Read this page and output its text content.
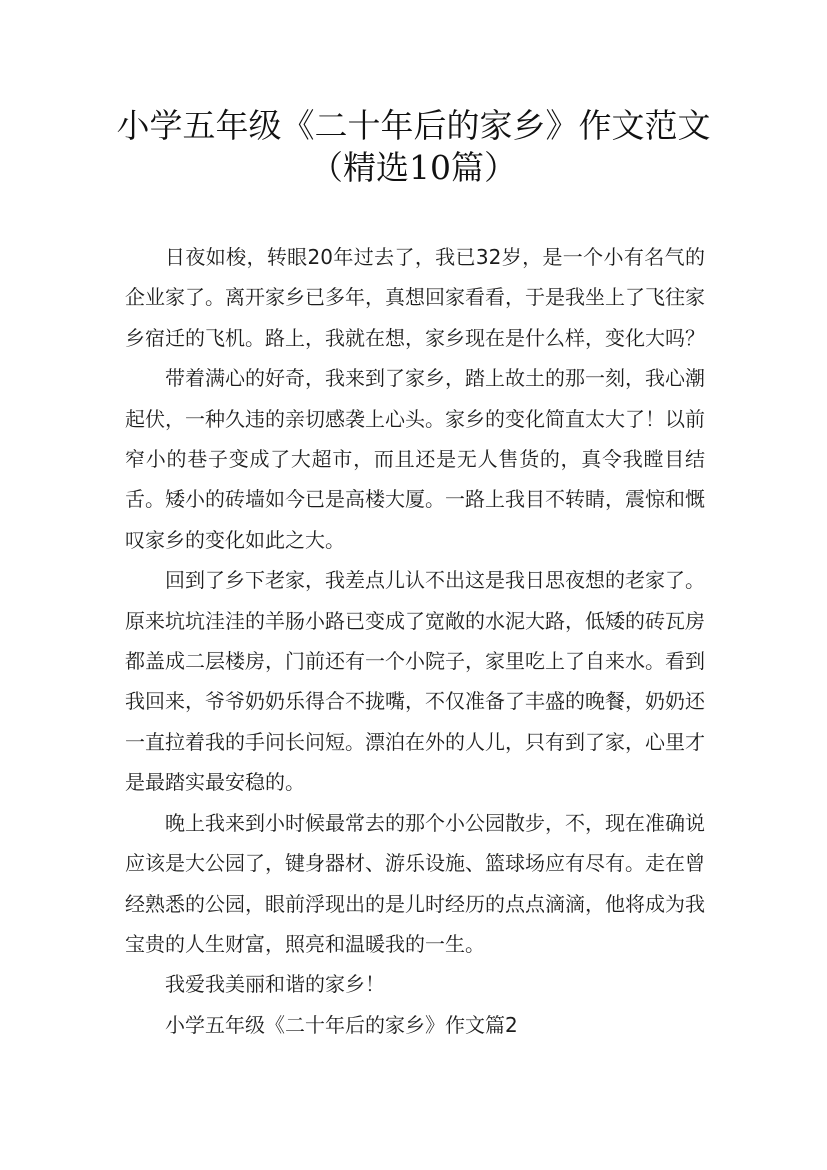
小学五年级《二十年后的家乡》作文范文
（精选10篇）

日夜如梭，转眼20年过去了，我已32岁，是一个小有名气的企业家了。离开家乡已多年，真想回家看看，于是我坐上了飞往家乡宿迁的飞机。路上，我就在想，家乡现在是什么样，变化大吗？

带着满心的好奇，我来到了家乡，踏上故土的那一刻，我心潮起伏，一种久违的亲切感袭上心头。家乡的变化简直太大了！以前窄小的巷子变成了大超市，而且还是无人售货的，真令我瞠目结舌。矮小的砖墙如今已是高楼大厦。一路上我目不转睛，震惊和慨叹家乡的变化如此之大。

回到了乡下老家，我差点儿认不出这是我日思夜想的老家了。原来坑坑洼洼的羊肠小路已变成了宽敞的水泥大路，低矮的砖瓦房都盖成二层楼房，门前还有一个小院子，家里吃上了自来水。看到我回来，爷爷奶奶乐得合不拢嘴，不仅准备了丰盛的晚餐，奶奶还一直拉着我的手问长问短。漂泊在外的人儿，只有到了家，心里才是最踏实最安稳的。

晚上我来到小时候最常去的那个小公园散步，不，现在准确说应该是大公园了，键身器材、游乐设施、篮球场应有尽有。走在曾经熟悉的公园，眼前浮现出的是儿时经历的点点滴滴，他将成为我宝贵的人生财富，照亮和温暖我的一生。

我爱我美丽和谐的家乡！

小学五年级《二十年后的家乡》作文篇2
